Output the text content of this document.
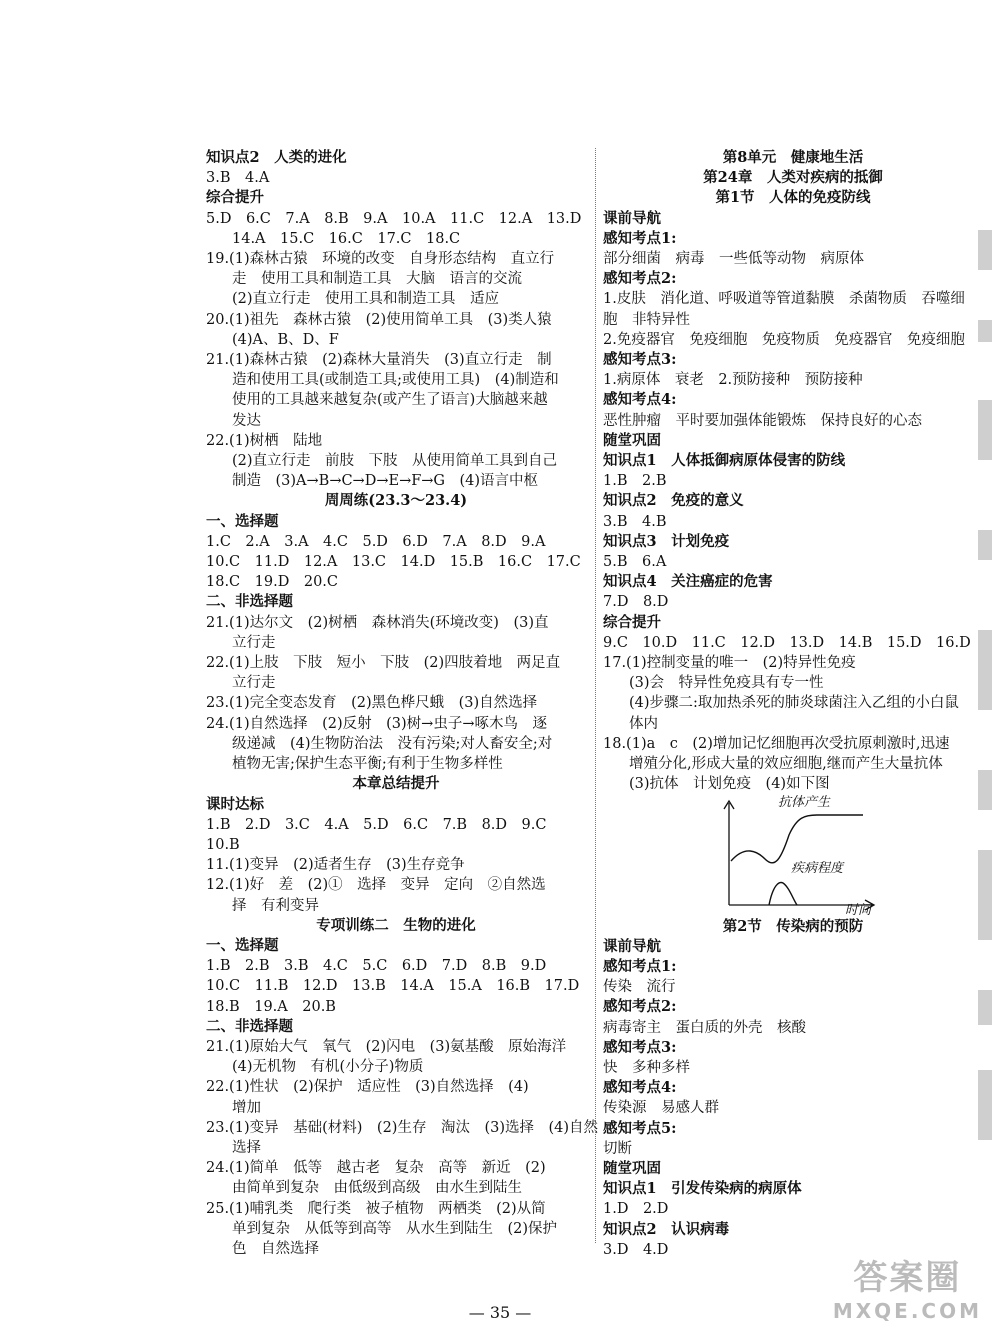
知识点2　人类的进化
3.B　4.A
综合提升
5.D　6.C　7.A　8.B　9.A　10.A　11.C　12.A　13.D
14.A　15.C　16.C　17.C　18.C
19.(1)森林古猿　环境的改变　自身形态结构　直立行
走　使用工具和制造工具　大脑　语言的交流
(2)直立行走　使用工具和制造工具　适应
20.(1)祖先　森林古猿　(2)使用简单工具　(3)类人猿
(4)A、B、D、F
21.(1)森林古猿　(2)森林大量消失　(3)直立行走　制
造和使用工具(或制造工具;或使用工具)　(4)制造和
使用的工具越来越复杂(或产生了语言)大脑越来越
发达
22.(1)树栖　陆地
(2)直立行走　前肢　下肢　从使用简单工具到自己
制造　(3)A→B→C→D→E→F→G　(4)语言中枢
周周练(23.3～23.4)
一、选择题
1.C　2.A　3.A　4.C　5.D　6.D　7.A　8.D　9.A
10.C　11.D　12.A　13.C　14.D　15.B　16.C　17.C
18.C　19.D　20.C
二、非选择题
21.(1)达尔文　(2)树栖　森林消失(环境改变)　(3)直
立行走
22.(1)上肢　下肢　短小　下肢　(2)四肢着地　两足直
立行走
23.(1)完全变态发育　(2)黑色桦尺蛾　(3)自然选择
24.(1)自然选择　(2)反射　(3)树→虫子→啄木鸟　逐
级递减　(4)生物防治法　没有污染;对人畜安全;对
植物无害;保护生态平衡;有利于生物多样性
本章总结提升
课时达标
1.B　2.D　3.C　4.A　5.D　6.C　7.B　8.D　9.C
10.B
11.(1)变异　(2)适者生存　(3)生存竞争
12.(1)好　差　(2)①　选择　变异　定向　②自然选
择　有利变异
专项训练二　生物的进化
一、选择题
1.B　2.B　3.B　4.C　5.C　6.D　7.D　8.B　9.D
10.C　11.B　12.D　13.B　14.A　15.A　16.B　17.D
18.B　19.A　20.B
二、非选择题
21.(1)原始大气　氧气　(2)闪电　(3)氨基酸　原始海洋
(4)无机物　有机(小分子)物质
22.(1)性状　(2)保护　适应性　(3)自然选择　(4)
增加
23.(1)变异　基础(材料)　(2)生存　淘汰　(3)选择　(4)自然
选择
24.(1)简单　低等　越古老　复杂　高等　新近　(2)
由简单到复杂　由低级到高级　由水生到陆生
25.(1)哺乳类　爬行类　被子植物　两栖类　(2)从简
单到复杂　从低等到高等　从水生到陆生　(2)保护
色　自然选择
第8单元　健康地生活
第24章　人类对疾病的抵御
第1节　人体的免疫防线
课前导航
感知考点1:
部分细菌　病毒　一些低等动物　病原体
感知考点2:
1.皮肤　消化道、呼吸道等管道黏膜　杀菌物质　吞噬细
胞　非特异性
2.免疫器官　免疫细胞　免疫物质　免疫器官　免疫细胞
感知考点3:
1.病原体　衰老　2.预防接种　预防接种
感知考点4:
恶性肿瘤　平时要加强体能锻炼　保持良好的心态
随堂巩固
知识点1　人体抵御病原体侵害的防线
1.B　2.B
知识点2　免疫的意义
3.B　4.B
知识点3　计划免疫
5.B　6.A
知识点4　关注癌症的危害
7.D　8.D
综合提升
9.C　10.D　11.C　12.D　13.D　14.B　15.D　16.D
17.(1)控制变量的唯一　(2)特异性免疫
(3)会　特异性免疫具有专一性
(4)步骤二:取加热杀死的肺炎球菌注入乙组的小白鼠
体内
18.(1)a　c　(2)增加记忆细胞再次受抗原刺激时,迅速
增殖分化,形成大量的效应细胞,继而产生大量抗体
(3)抗体　计划免疫　(4)如下图
抗体产生
疾病程度
时间
第2节　传染病的预防
课前导航
感知考点1:
传染　流行
感知考点2:
病毒寄主　蛋白质的外壳　核酸
感知考点3:
快　多种多样
感知考点4:
传染源　易感人群
感知考点5:
切断
随堂巩固
知识点1　引发传染病的病原体
1.D　2.D
知识点2　认识病毒
3.D　4.D
— 35 —
答案圈
MXQE.COM
